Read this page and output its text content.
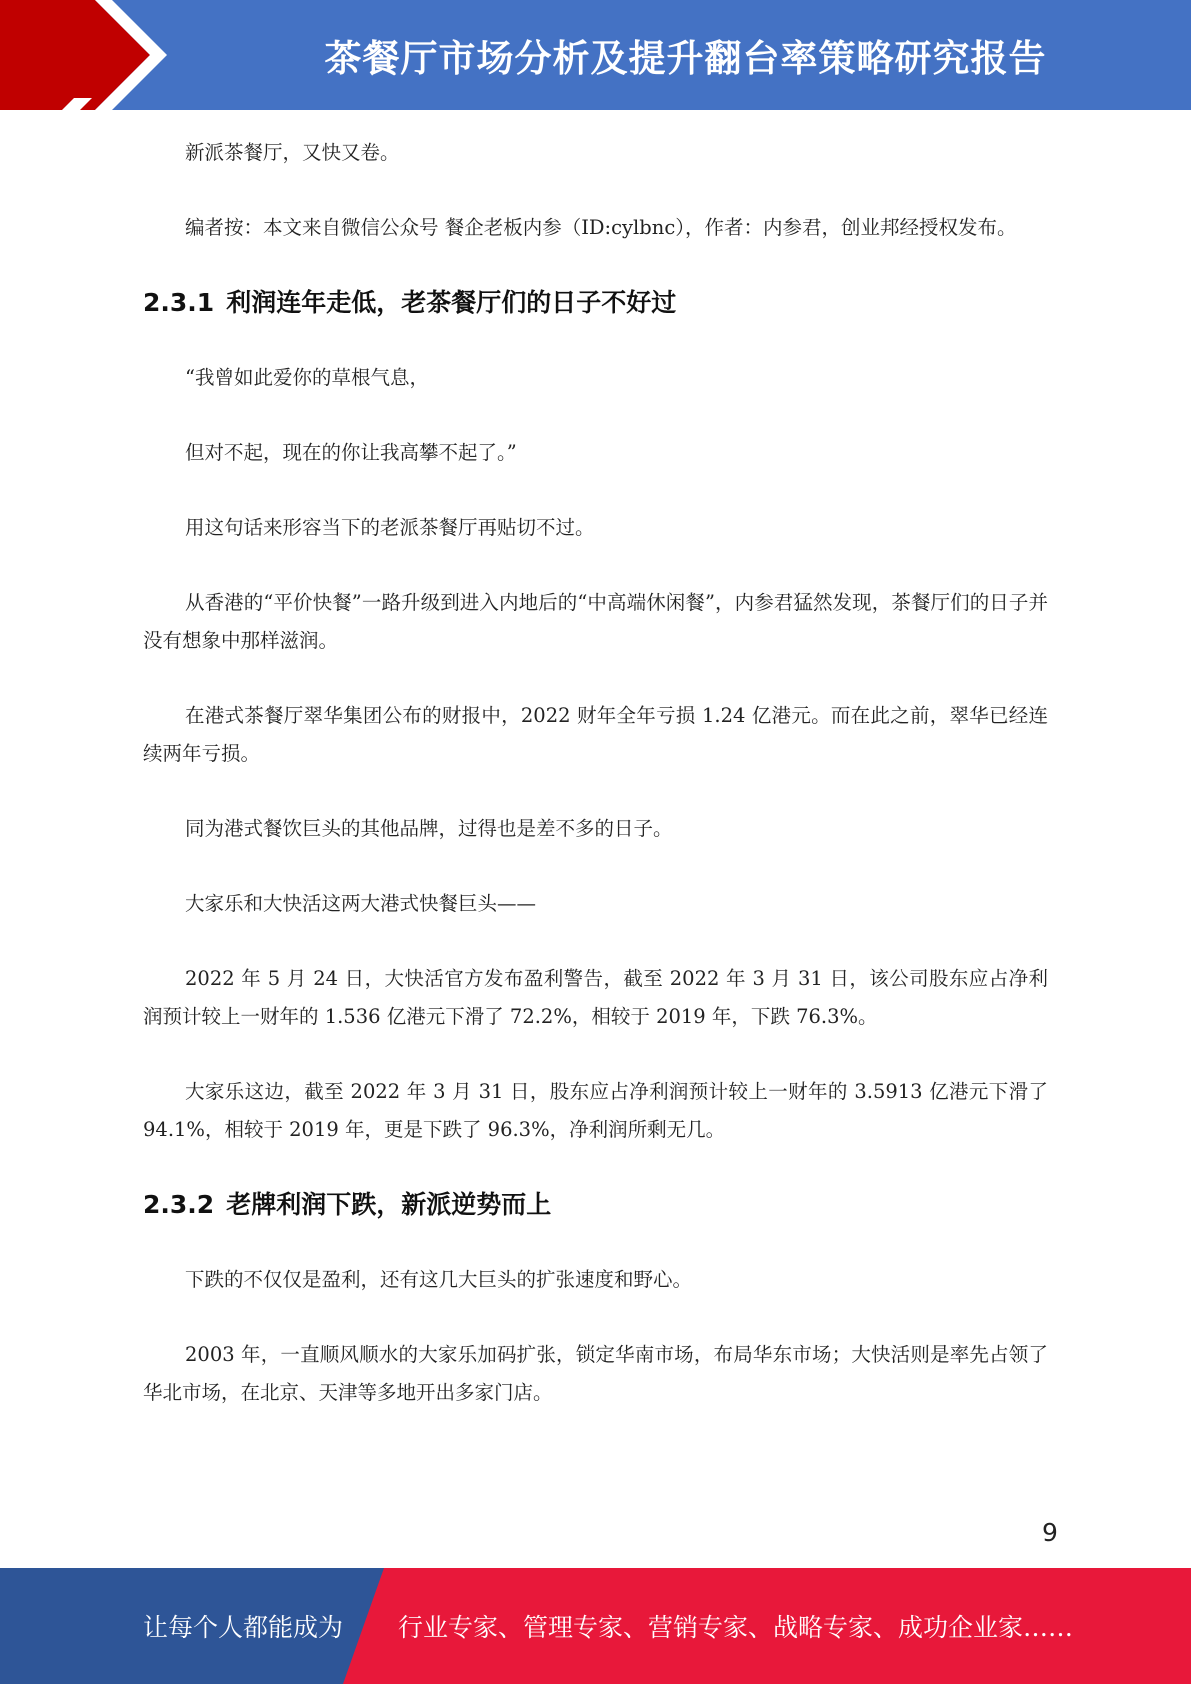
茶餐厅市场分析及提升翻台率策略研究报告

新派茶餐厅，又快又卷。

编者按：本文来自微信公众号 餐企老板内参（ID:cylbnc），作者：内参君，创业邦经授权发布。

2.3.1 利润连年走低，老茶餐厅们的日子不好过

“我曾如此爱你的草根气息，

但对不起，现在的你让我高攀不起了。”

用这句话来形容当下的老派茶餐厅再贴切不过。

从香港的“平价快餐”一路升级到进入内地后的“中高端休闲餐”，内参君猛然发现，茶餐厅们的日子并没有想象中那样滋润。

在港式茶餐厅翠华集团公布的财报中，2022 财年全年亏损 1.24 亿港元。而在此之前，翠华已经连续两年亏损。

同为港式餐饮巨头的其他品牌，过得也是差不多的日子。

大家乐和大快活这两大港式快餐巨头——

2022 年 5 月 24 日，大快活官方发布盈利警告，截至 2022 年 3 月 31 日，该公司股东应占净利润预计较上一财年的 1.536 亿港元下滑了 72.2%，相较于 2019 年，下跌 76.3%。

大家乐这边，截至 2022 年 3 月 31 日，股东应占净利润预计较上一财年的 3.5913 亿港元下滑了 94.1%，相较于 2019 年，更是下跌了 96.3%，净利润所剩无几。

2.3.2 老牌利润下跌，新派逆势而上

下跌的不仅仅是盈利，还有这几大巨头的扩张速度和野心。

2003 年，一直顺风顺水的大家乐加码扩张，锁定华南市场，布局华东市场；大快活则是率先占领了华北市场，在北京、天津等多地开出多家门店。

9
让每个人都能成为 行业专家、管理专家、营销专家、战略专家、成功企业家……
